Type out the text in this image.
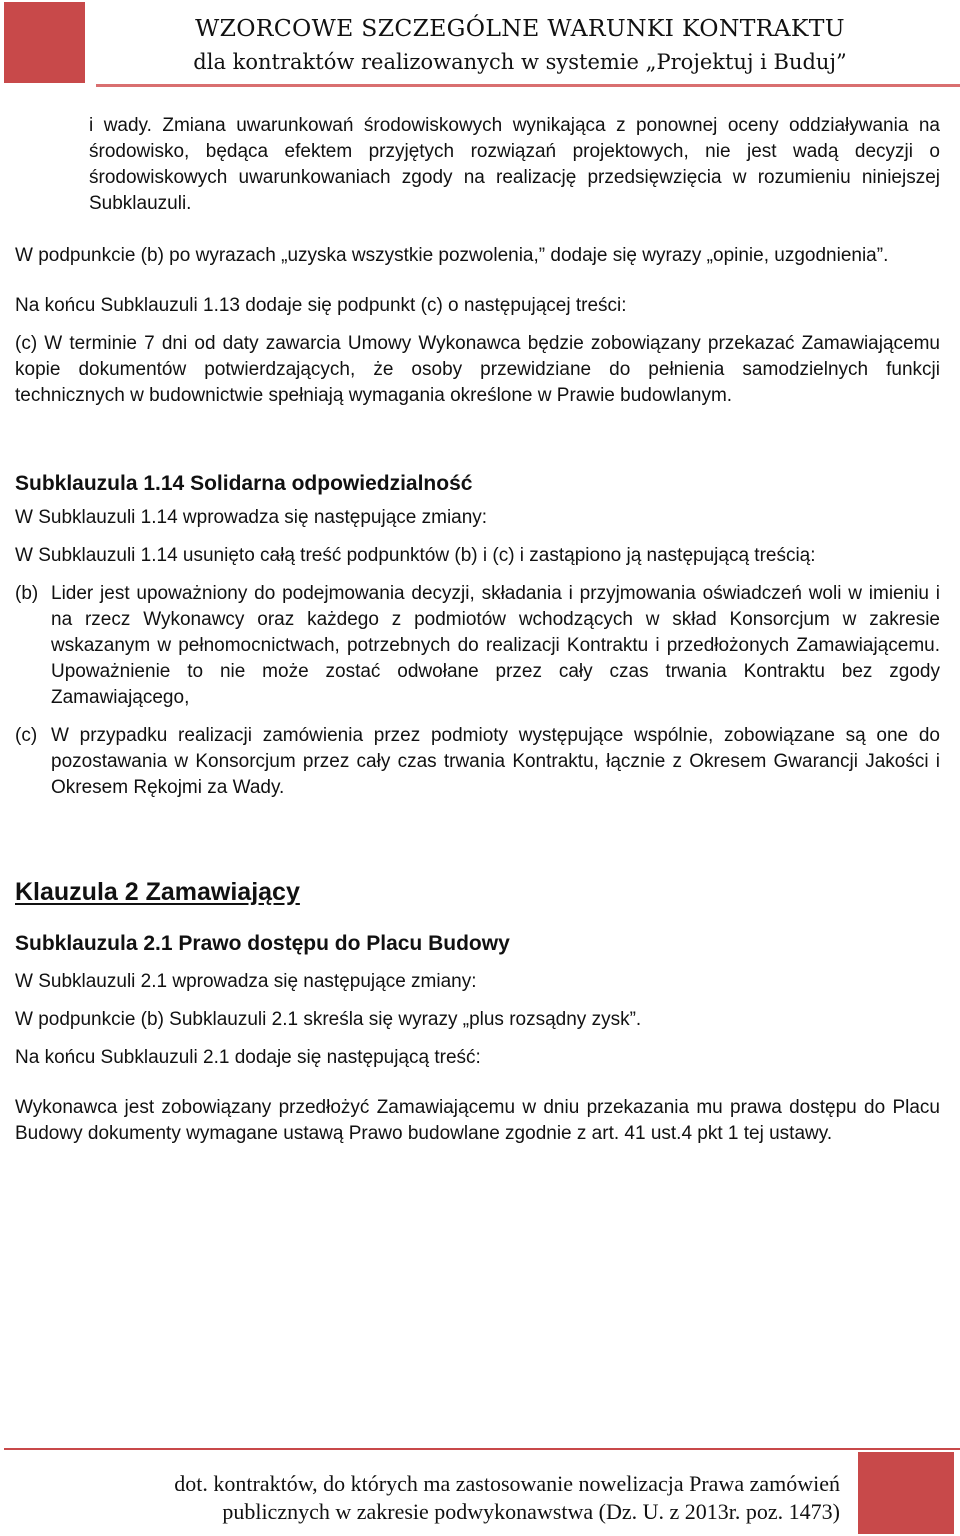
WZORCOWE SZCZEGÓLNE WARUNKI KONTRAKTU
dla kontraktów realizowanych w systemie „Projektuj i Buduj”

i wady. Zmiana uwarunkowań środowiskowych wynikająca z ponownej oceny oddziaływania na środowisko, będąca efektem przyjętych rozwiązań projektowych, nie jest wadą decyzji o środowiskowych uwarunkowaniach zgody na realizację przedsięwzięcia w rozumieniu niniejszej Subklauzuli.

W podpunkcie (b) po wyrazach „uzyska wszystkie pozwolenia,” dodaje się wyrazy „opinie, uzgodnienia”.

Na końcu Subklauzuli 1.13 dodaje się podpunkt (c) o następującej treści:

(c) W terminie 7 dni od daty zawarcia Umowy Wykonawca będzie zobowiązany przekazać Zamawiającemu kopie dokumentów potwierdzających, że osoby przewidziane do pełnienia samodzielnych funkcji technicznych w budownictwie spełniają wymagania określone w Prawie budowlanym.

Subklauzula 1.14 Solidarna odpowiedzialność

W Subklauzuli 1.14 wprowadza się następujące zmiany:

W Subklauzuli 1.14 usunięto całą treść podpunktów (b) i (c) i zastąpiono ją następującą treścią:

(b) Lider jest upoważniony do podejmowania decyzji, składania i przyjmowania oświadczeń woli w imieniu i na rzecz Wykonawcy oraz każdego z podmiotów wchodzących w skład Konsorcjum w zakresie wskazanym w pełnomocnictwach, potrzebnych do realizacji Kontraktu i przedłożonych Zamawiającemu. Upoważnienie to nie może zostać odwołane przez cały czas trwania Kontraktu bez zgody Zamawiającego,
(c) W przypadku realizacji zamówienia przez podmioty występujące wspólnie, zobowiązane są one do pozostawania w Konsorcjum przez cały czas trwania Kontraktu, łącznie z Okresem Gwarancji Jakości i Okresem Rękojmi za Wady.

Klauzula 2 Zamawiający

Subklauzula 2.1 Prawo dostępu do Placu Budowy

W Subklauzuli 2.1 wprowadza się następujące zmiany:

W podpunkcie (b) Subklauzuli 2.1 skreśla się wyrazy „plus rozsądny zysk”.

Na końcu Subklauzuli 2.1 dodaje się następującą treść:

Wykonawca jest zobowiązany przedłożyć Zamawiającemu w dniu przekazania mu prawa dostępu do Placu Budowy dokumenty wymagane ustawą Prawo budowlane zgodnie z art. 41 ust.4 pkt 1 tej ustawy.

dot. kontraktów, do których ma zastosowanie nowelizacja Prawa zamówień
publicznych w zakresie podwykonawstwa (Dz. U. z 2013r. poz. 1473)
